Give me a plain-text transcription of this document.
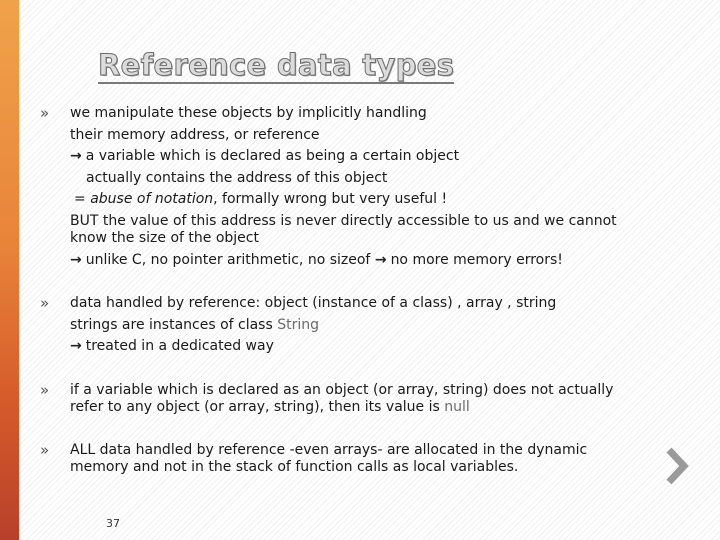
Reference data types
» we manipulate these objects by implicitly handling
their memory address, or reference
→ a variable which is declared as being a certain object
actually contains the address of this object
= abuse of notation, formally wrong but very useful !
BUT the value of this address is never directly accessible to us and we cannot
know the size of the object
→ unlike C, no pointer arithmetic, no sizeof → no more memory errors!
» data handled by reference: object (instance of a class) , array , string
strings are instances of class String
→ treated in a dedicated way
» if a variable which is declared as an object (or array, string) does not actually
refer to any object (or array, string), then its value is null
» ALL data handled by reference -even arrays- are allocated in the dynamic
memory and not in the stack of function calls as local variables.
37
